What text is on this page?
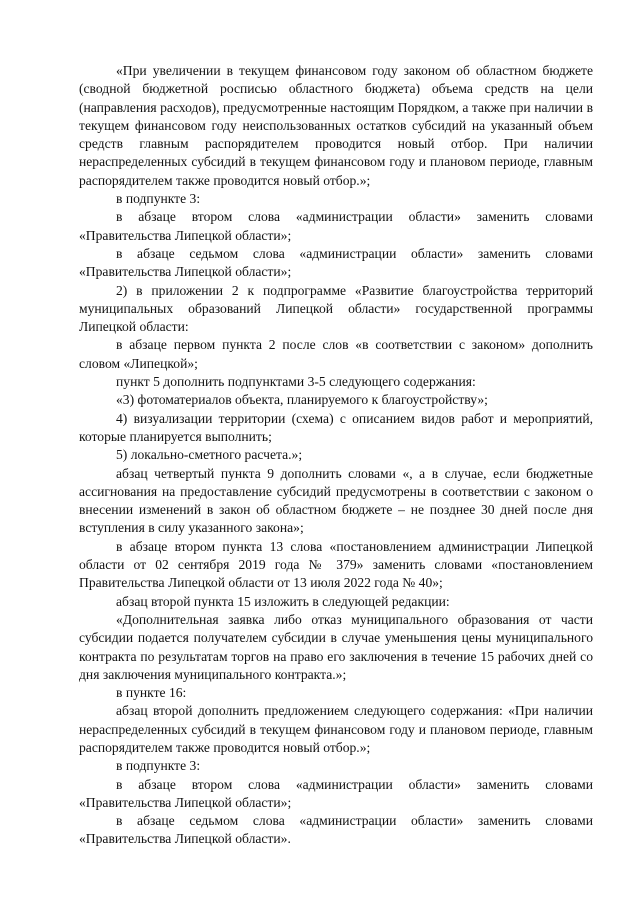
«При увеличении в текущем финансовом году законом об областном бюджете (сводной бюджетной росписью областного бюджета) объема средств на цели (направления расходов), предусмотренные настоящим Порядком, а также при наличии в текущем финансовом году неиспользованных остатков субсидий на указанный объем средств главным распорядителем проводится новый отбор. При наличии нераспределенных субсидий в текущем финансовом году и плановом периоде, главным распорядителем также проводится новый отбор.»;

в подпункте 3:

в абзаце втором слова «администрации области» заменить словами «Правительства Липецкой области»;

в абзаце седьмом слова «администрации области» заменить словами «Правительства Липецкой области»;

2) в приложении 2 к подпрограмме «Развитие благоустройства территорий муниципальных образований Липецкой области» государственной программы Липецкой области:

в абзаце первом пункта 2 после слов «в соответствии с законом» дополнить словом «Липецкой»;

пункт 5 дополнить подпунктами 3-5 следующего содержания:

«3) фотоматериалов объекта, планируемого к благоустройству»;

4) визуализации территории (схема) с описанием видов работ и мероприятий, которые планируется выполнить;

5) локально-сметного расчета.»;

абзац четвертый пункта 9 дополнить словами «, а в случае, если бюджетные ассигнования на предоставление субсидий предусмотрены в соответствии с законом о внесении изменений в закон об областном бюджете – не позднее 30 дней после дня вступления в силу указанного закона»;

в абзаце втором пункта 13 слова «постановлением администрации Липецкой области от 02 сентября 2019 года № 379» заменить словами «постановлением Правительства Липецкой области от 13 июля 2022 года № 40»;

абзац второй пункта 15 изложить в следующей редакции:

«Дополнительная заявка либо отказ муниципального образования от части субсидии подается получателем субсидии в случае уменьшения цены муниципального контракта по результатам торгов на право его заключения в течение 15 рабочих дней со дня заключения муниципального контракта.»;

в пункте 16:

абзац второй дополнить предложением следующего содержания: «При наличии нераспределенных субсидий в текущем финансовом году и плановом периоде, главным распорядителем также проводится новый отбор.»;

в подпункте 3:

в абзаце втором слова «администрации области» заменить словами «Правительства Липецкой области»;

в абзаце седьмом слова «администрации области» заменить словами «Правительства Липецкой области».
